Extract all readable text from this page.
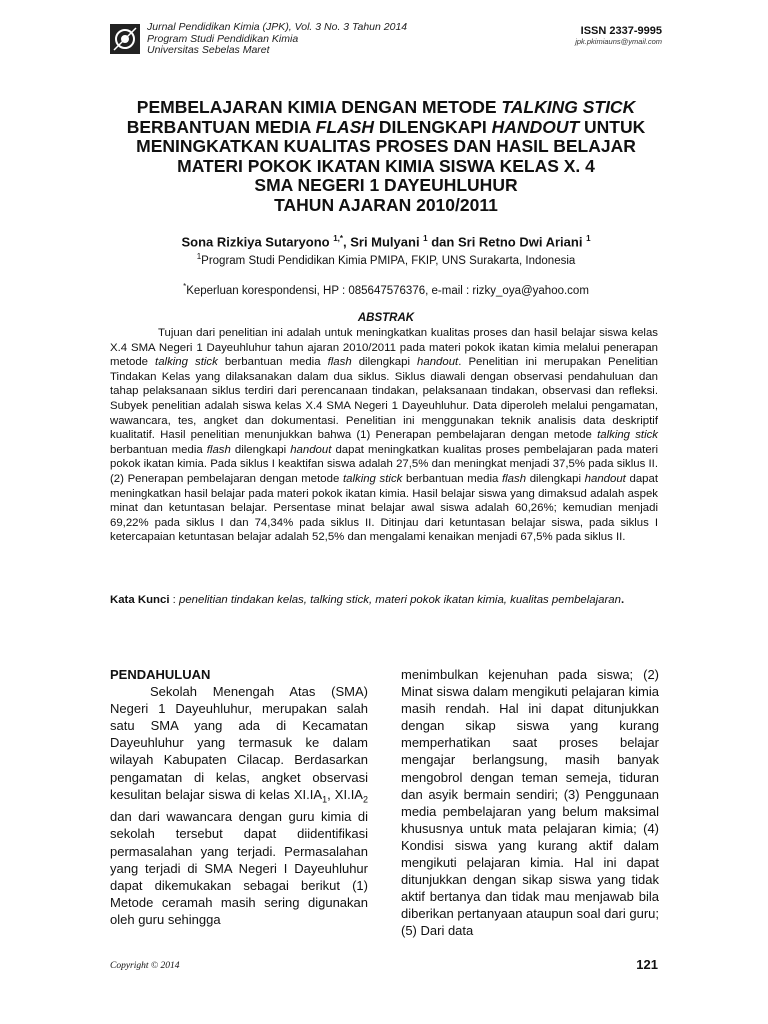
Jurnal Pendidikan Kimia (JPK), Vol. 3 No. 3 Tahun 2014
Program Studi Pendidikan Kimia
Universitas Sebelas Maret
ISSN 2337-9995
jpk.pkimiauns@ymail.com
PEMBELAJARAN KIMIA DENGAN METODE TALKING STICK
BERBANTUAN MEDIA FLASH DILENGKAPI HANDOUT UNTUK
MENINGKATKAN KUALITAS PROSES DAN HASIL BELAJAR
MATERI POKOK IKATAN KIMIA SISWA KELAS X. 4
SMA NEGERI 1 DAYEUHLUHUR
TAHUN AJARAN 2010/2011
Sona Rizkiya Sutaryono $^{1,*}$, Sri Mulyani $^1$ dan Sri Retno Dwi Ariani $^1$
$^1$Program Studi Pendidikan Kimia PMIPA, FKIP, UNS Surakarta, Indonesia
*Keperluan korespondensi, HP : 085647576376, e-mail : rizky_oya@yahoo.com
ABSTRAK

Tujuan dari penelitian ini adalah untuk meningkatkan kualitas proses dan hasil belajar siswa kelas X.4 SMA Negeri 1 Dayeuhluhur tahun ajaran 2010/2011 pada materi pokok ikatan kimia melalui penerapan metode talking stick berbantuan media flash dilengkapi handout. Penelitian ini merupakan Penelitian Tindakan Kelas yang dilaksanakan dalam dua siklus. Siklus diawali dengan observasi pendahuluan dan tahap pelaksanaan siklus terdiri dari perencanaan tindakan, pelaksanaan tindakan, observasi dan refleksi. Subyek penelitian adalah siswa kelas X.4 SMA Negeri 1 Dayeuhluhur. Data diperoleh melalui pengamatan, wawancara, tes, angket dan dokumentasi. Penelitian ini menggunakan teknik analisis data deskriptif kualitatif. Hasil penelitian menunjukkan bahwa (1) Penerapan pembelajaran dengan metode talking stick berbantuan media flash dilengkapi handout dapat meningkatkan kualitas proses pembelajaran pada materi pokok ikatan kimia. Pada siklus I keaktifan siswa adalah 27,5% dan meningkat menjadi 37,5% pada siklus II. (2) Penerapan pembelajaran dengan metode talking stick berbantuan media flash dilengkapi handout dapat meningkatkan hasil belajar pada materi pokok ikatan kimia. Hasil belajar siswa yang dimaksud adalah aspek minat dan ketuntasan belajar. Persentase minat belajar awal siswa adalah 60,26%; kemudian menjadi 69,22% pada siklus I dan 74,34% pada siklus II. Ditinjau dari ketuntasan belajar siswa, pada siklus I ketercapaian ketuntasan belajar adalah 52,5% dan mengalami kenaikan menjadi 67,5% pada siklus II.

Kata Kunci : penelitian tindakan kelas, talking stick, materi pokok ikatan kimia, kualitas pembelajaran.
PENDAHULUAN

Sekolah Menengah Atas (SMA) Negeri 1 Dayeuhluhur, merupakan salah satu SMA yang ada di Kecamatan Dayeuhluhur yang termasuk ke dalam wilayah Kabupaten Cilacap. Berdasarkan pengamatan di kelas, angket observasi kesulitan belajar siswa di kelas $XI.IA_1$, $XI.IA_2$ dan dari wawancara dengan guru kimia di sekolah tersebut dapat diidentifikasi permasalahan yang terjadi. Permasalahan yang terjadi di SMA Negeri I Dayeuhluhur dapat dikemukakan sebagai berikut (1) Metode ceramah masih sering digunakan oleh guru sehingga

menimbulkan kejenuhan pada siswa; (2) Minat siswa dalam mengikuti pelajaran kimia masih rendah. Hal ini dapat ditunjukkan dengan sikap siswa yang kurang memperhatikan saat proses belajar mengajar berlangsung, masih banyak mengobrol dengan teman semeja, tiduran dan asyik bermain sendiri; (3) Penggunaan media pembelajaran yang belum maksimal khususnya untuk mata pelajaran kimia; (4) Kondisi siswa yang kurang aktif dalam mengikuti pelajaran kimia. Hal ini dapat ditunjukkan dengan sikap siswa yang tidak aktif bertanya dan tidak mau menjawab bila diberikan pertanyaan ataupun soal dari guru; (5) Dari data

Copyright © 2014	121
